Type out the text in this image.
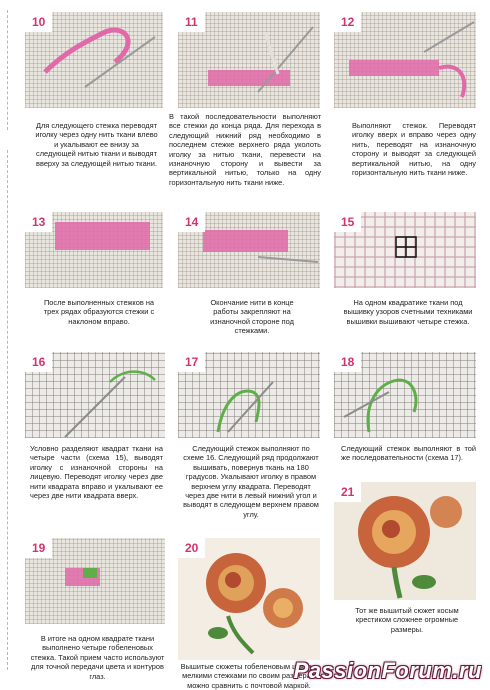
10
Для следующего стежка переводят иголку через одну нить ткани влево и укалывают ее внизу за следующей нитью ткани и выводят вверху за следующей нитью ткани.
11
В такой последовательности выполняют все стежки до конца ряда. Для перехода в следующий нижний ряд необходимо в последнем стежке верхнего ряда уколоть иголку за нитью ткани, перевести на изнаночную сторону и вывести за вертикальной нитью, только на одну горизонтальную нить ткани ниже.
12
Выполняют стежок. Переводят иголку вверх и вправо через одну нить, переводят на изнаночную сторону и выводят за следующей вертикальной нитью, на одну горизонтальную нить ткани ниже.
13
После выполненных стежков на трех рядах образуются стежки с наклоном вправо.
14
Окончание нити в конце работы закрепляют на изнаночной стороне под стежками.
15
На одном квадратике ткани под вышивку узоров счетными техниками вышивки вышивают четыре стежка.
16
Условно разделяют квадрат ткани на четыре части (схема 15), выводят иголку с изнаночной стороны на лицевую. Переводят иголку через две нити квадрата вправо и укалывают ее через две нити квадрата вверх.
17
Следующий стежок выполняют по схеме 16. Следующий ряд продолжают вышивать, повернув ткань на 180 градусов. Укалывают иголку в правом верхнем углу квадрата. Переводят через две нити в левый нижний угол и выводят в следующем верхнем правом углу.
18
Следующий стежок выполняют в той же последовательности (схема 17).
19
В итоге на одном квадрате ткани выполнено четыре гобеленовых стежка. Такой прием часто используют для точной передачи цвета и контуров глаз.
20
Вышитые сюжеты гобеленовым швом и мелкими стежками по своим размерам можно сравнить с почтовой маркой.
21
Тот же вышитый сюжет косым крестиком сложнее огромные размеры.
PassionForum.ru
